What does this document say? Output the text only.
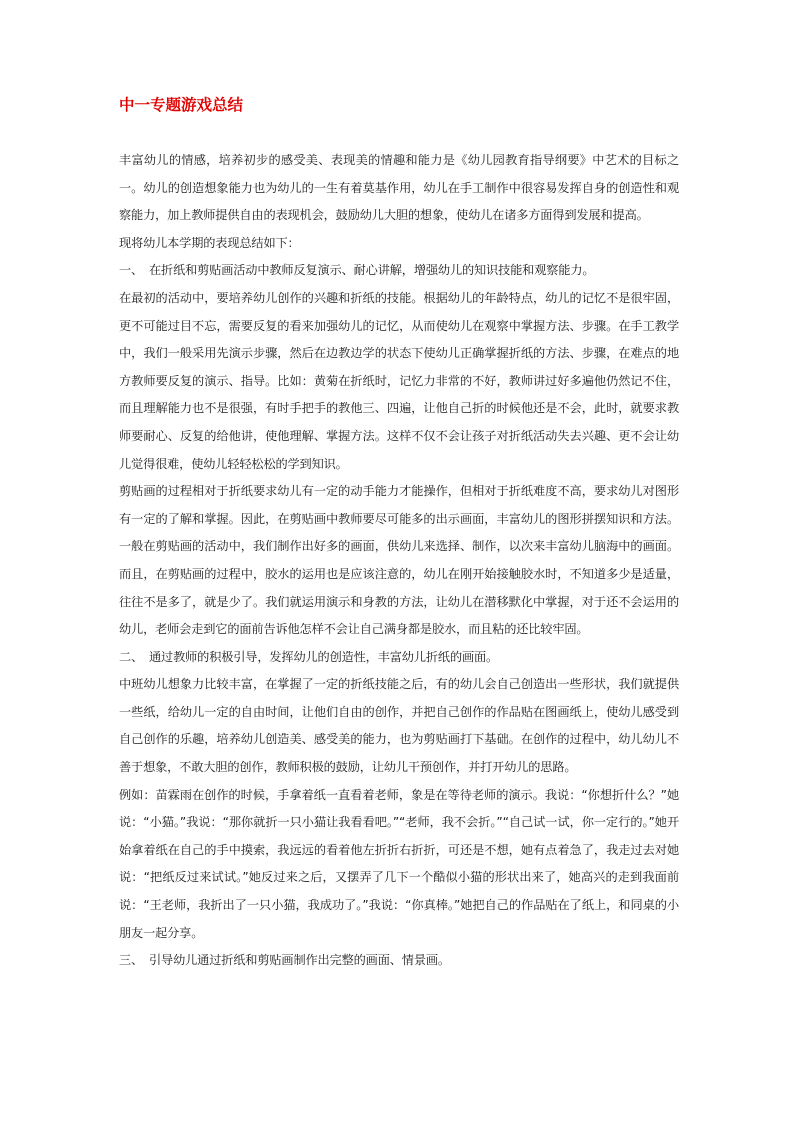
中一专题游戏总结

丰富幼儿的情感，培养初步的感受美、表现美的情趣和能力是《幼儿园教育指导纲要》中艺术的目标之一。幼儿的创造想象能力也为幼儿的一生有着莫基作用，幼儿在手工制作中很容易发挥自身的创造性和观察能力，加上教师提供自由的表现机会，鼓励幼儿大胆的想象，使幼儿在诸多方面得到发展和提高。

现将幼儿本学期的表现总结如下：

一、　在折纸和剪贴画活动中教师反复演示、耐心讲解，增强幼儿的知识技能和观察能力。

在最初的活动中，要培养幼儿创作的兴趣和折纸的技能。根据幼儿的年龄特点，幼儿的记忆不是很牢固，更不可能过目不忘，需要反复的看来加强幼儿的记忆，从而使幼儿在观察中掌握方法、步骤。在手工教学中，我们一般采用先演示步骤，然后在边教边学的状态下使幼儿正确掌握折纸的方法、步骤，在难点的地方教师要反复的演示、指导。比如：黄菊在折纸时，记忆力非常的不好，教师讲过好多遍他仍然记不住，而且理解能力也不是很强，有时手把手的教他三、四遍，让他自己折的时候他还是不会，此时，就要求教师要耐心、反复的给他讲，使他理解、掌握方法。这样不仅不会让孩子对折纸活动失去兴趣、更不会让幼儿觉得很难，使幼儿轻轻松松的学到知识。

剪贴画的过程相对于折纸要求幼儿有一定的动手能力才能操作，但相对于折纸难度不高，要求幼儿对图形有一定的了解和掌握。因此，在剪贴画中教师要尽可能多的出示画面，丰富幼儿的图形拼摆知识和方法。一般在剪贴画的活动中，我们制作出好多的画面，供幼儿来选择、制作，以次来丰富幼儿脑海中的画面。而且，在剪贴画的过程中，胶水的运用也是应该注意的，幼儿在刚开始接触胶水时，不知道多少是适量，往往不是多了，就是少了。我们就运用演示和身教的方法，让幼儿在潜移默化中掌握，对于还不会运用的幼儿，老师会走到它的面前告诉他怎样不会让自己满身都是胶水，而且粘的还比较牢固。

二、　通过教师的积极引导，发挥幼儿的创造性，丰富幼儿折纸的画面。

中班幼儿想象力比较丰富，在掌握了一定的折纸技能之后，有的幼儿会自己创造出一些形状，我们就提供一些纸，给幼儿一定的自由时间，让他们自由的创作，并把自己创作的作品贴在图画纸上，使幼儿感受到自己创作的乐趣，培养幼儿创造美、感受美的能力，也为剪贴画打下基础。在创作的过程中，幼儿幼儿不善于想象，不敢大胆的创作，教师积极的鼓励，让幼儿干预创作，并打开幼儿的思路。

例如：苗霖雨在创作的时候，手拿着纸一直看着老师，象是在等待老师的演示。我说：“你想折什么？”她说：“小猫。”我说：“那你就折一只小猫让我看看吧。”“老师，我不会折。”“自己试一试，你一定行的。”她开始拿着纸在自己的手中摸索，我远远的看着他左折折右折折，可还是不想，她有点着急了，我走过去对她说：“把纸反过来试试。”她反过来之后，又摆弄了几下一个酷似小猫的形状出来了，她高兴的走到我面前说：“王老师，我折出了一只小猫，我成功了。”我说：“你真棒。”她把自己的作品贴在了纸上，和同桌的小朋友一起分享。

三、　引导幼儿通过折纸和剪贴画制作出完整的画面、情景画。
